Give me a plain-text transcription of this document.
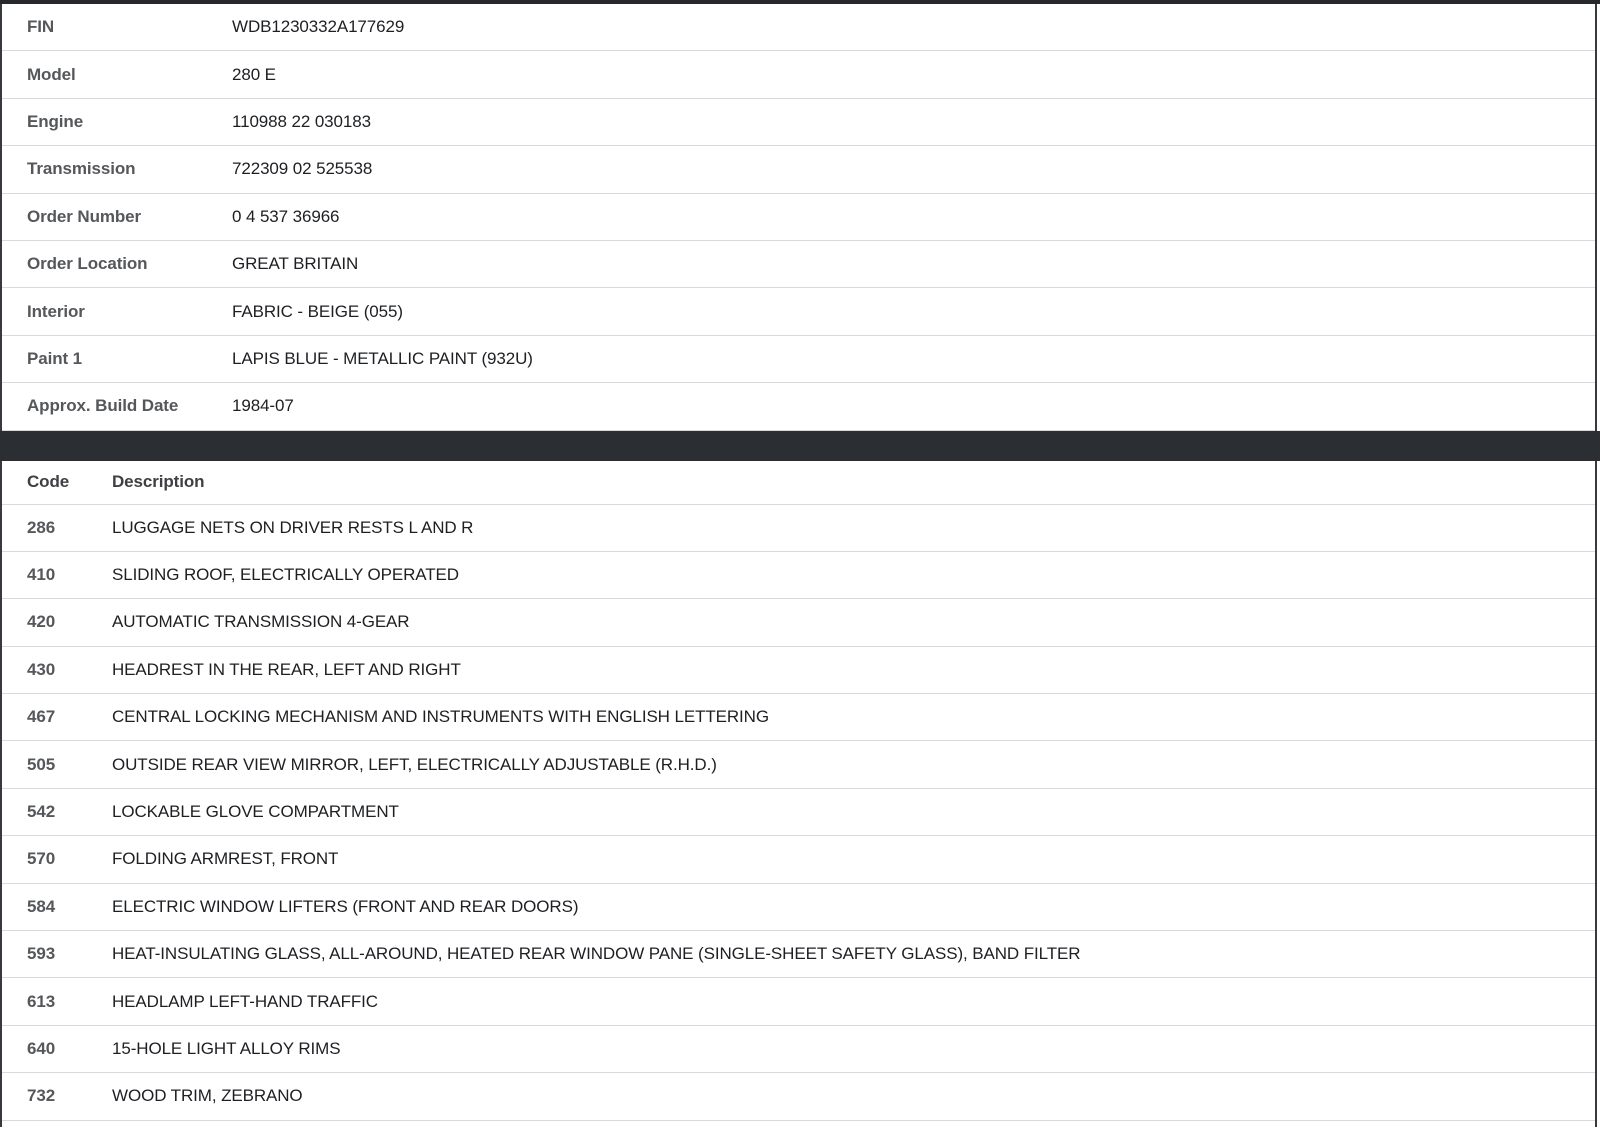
FIN	WDB1230332A177629
Model	280 E
Engine	110988 22 030183
Transmission	722309 02 525538
Order Number	0 4 537 36966
Order Location	GREAT BRITAIN
Interior	FABRIC - BEIGE (055)
Paint 1	LAPIS BLUE - METALLIC PAINT (932U)
Approx. Build Date	1984-07
Code	Description
286	LUGGAGE NETS ON DRIVER RESTS L AND R
410	SLIDING ROOF, ELECTRICALLY OPERATED
420	AUTOMATIC TRANSMISSION 4-GEAR
430	HEADREST IN THE REAR, LEFT AND RIGHT
467	CENTRAL LOCKING MECHANISM AND INSTRUMENTS WITH ENGLISH LETTERING
505	OUTSIDE REAR VIEW MIRROR, LEFT, ELECTRICALLY ADJUSTABLE (R.H.D.)
542	LOCKABLE GLOVE COMPARTMENT
570	FOLDING ARMREST, FRONT
584	ELECTRIC WINDOW LIFTERS (FRONT AND REAR DOORS)
593	HEAT-INSULATING GLASS, ALL-AROUND, HEATED REAR WINDOW PANE (SINGLE-SHEET SAFETY GLASS), BAND FILTER
613	HEADLAMP LEFT-HAND TRAFFIC
640	15-HOLE LIGHT ALLOY RIMS
732	WOOD TRIM, ZEBRANO
